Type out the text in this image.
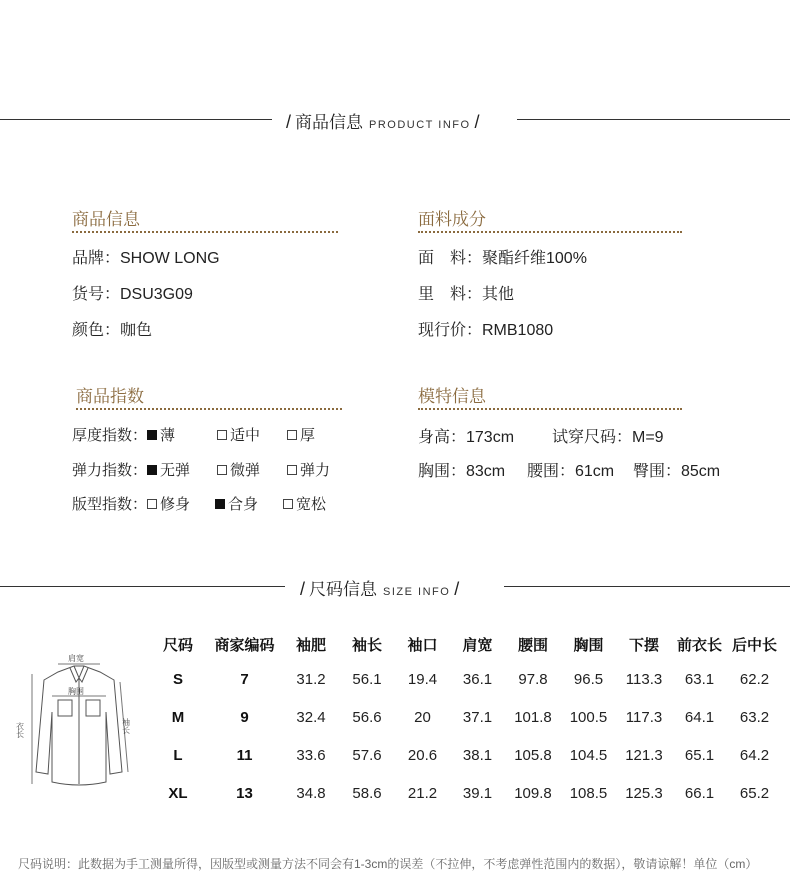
/ 商品信息 PRODUCT INFO /
商品信息
品牌：SHOW LONG
货号：DSU3G09
颜色：咖色
面料成分
面 料：聚酯纤维100%
里 料：其他
现行价：RMB1080
商品指数
厚度指数： 薄	适中	厚
弹力指数： 无弹	微弹	弹力
版型指数： 修身	合身	宽松
模特信息
身高：173cm 试穿尺码：M=9
胸围：83cm 腰围：61cm 臀围：85cm
/ 尺码信息 SIZE INFO /
肩宽
胸围
衣长	袖长
尺码	商家编码	袖肥	袖长	袖口	肩宽	腰围	胸围	下摆	前衣长	后中长
S	7	31.2	56.1	19.4	36.1	97.8	96.5	113.3	63.1	62.2
M	9	32.4	56.6	20	37.1	101.8	100.5	117.3	64.1	63.2
L	11	33.6	57.6	20.6	38.1	105.8	104.5	121.3	65.1	64.2
XL	13	34.8	58.6	21.2	39.1	109.8	108.5	125.3	66.1	65.2
尺码说明：此数据为手工测量所得，因版型或测量方法不同会有1-3cm的误差（不拉伸，不考虑弹性范围内的数据），敬请谅解！单位（cm）
